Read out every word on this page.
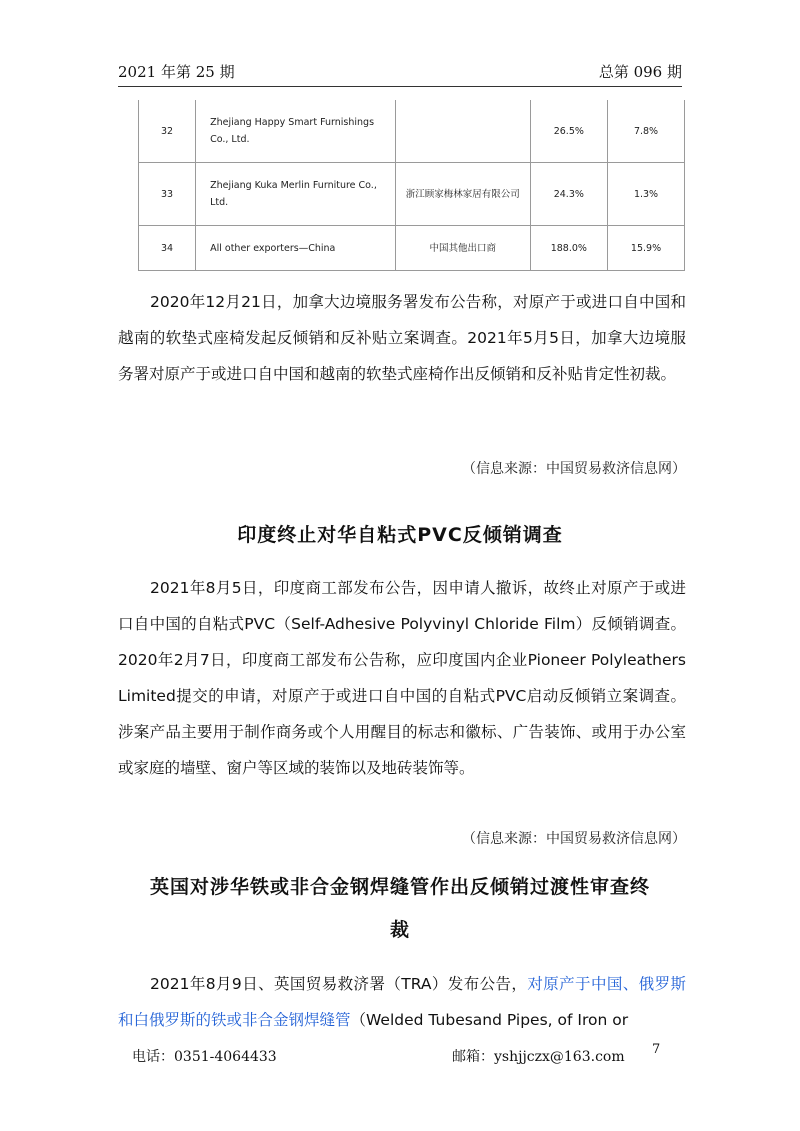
2021 年第 25 期	总第 096 期
32	Zhejiang Happy Smart Furnishings Co., Ltd.		26.5%	7.8%
33	Zhejiang Kuka Merlin Furniture Co., Ltd.	浙江顾家梅林家居有限公司	24.3%	1.3%
34	All other exporters—China	中国其他出口商	188.0%	15.9%

2020年12月21日，加拿大边境服务署发布公告称，对原产于或进口自中国和越南的软垫式座椅发起反倾销和反补贴立案调查。2021年5月5日，加拿大边境服务署对原产于或进口自中国和越南的软垫式座椅作出反倾销和反补贴肯定性初裁。

（信息来源：中国贸易救济信息网）
印度终止对华自粘式PVC反倾销调查

2021年8月5日，印度商工部发布公告，因申请人撤诉，故终止对原产于或进口自中国的自粘式PVC（Self-Adhesive Polyvinyl Chloride Film）反倾销调查。2020年2月7日，印度商工部发布公告称，应印度国内企业Pioneer Polyleathers Limited提交的申请，对原产于或进口自中国的自粘式PVC启动反倾销立案调查。涉案产品主要用于制作商务或个人用醒目的标志和徽标、广告装饰、或用于办公室或家庭的墙壁、窗户等区域的装饰以及地砖装饰等。

（信息来源：中国贸易救济信息网）
英国对涉华铁或非合金钢焊缝管作出反倾销过渡性审查终
裁

2021年8月9日、英国贸易救济署（TRA）发布公告，对原产于中国、俄罗斯和白俄罗斯的铁或非合金钢焊缝管（Welded Tubesand Pipes, of Iron or

电话：0351-4064433	邮箱：yshjjczx@163.com 7
